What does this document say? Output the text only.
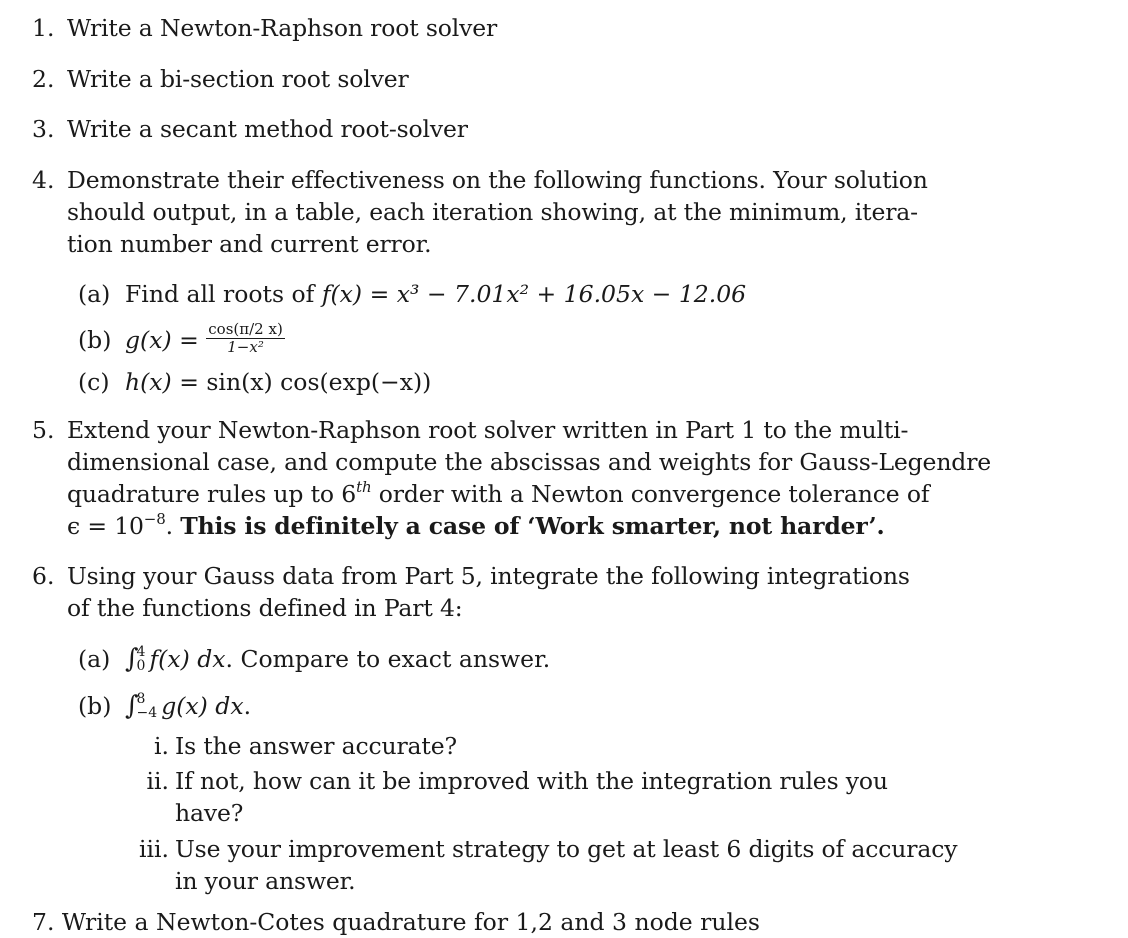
1. Write a Newton-Raphson root solver
2. Write a bi-section root solver
3. Write a secant method root-solver
4. Demonstrate their effectiveness on the following functions. Your solution
should output, in a table, each iteration showing, at the minimum, itera-
tion number and current error.
(a) Find all roots of f(x) = x³ − 7.01x² + 16.05x − 12.06
(b) $g(x) = \frac{\cos(\pi/2 x)}{\text{1−x²}}$
(c) h(x) = sin(x) cos(exp(−x))
5. Extend your Newton-Raphson root solver written in Part 1 to the multi-
dimensional case, and compute the abscissas and weights for Gauss-Legendre
quadrature rules up to 6th order with a Newton convergence tolerance of
$\epsilon = 10^{-8}$. This is definitely a case of ‘Work smarter, not harder’.
6. Using your Gauss data from Part 5, integrate the following integrations
of the functions defined in Part 4:
(a) ∫
4
0 f(x) dx. Compare to exact answer.
(b) ∫
8
−4 g(x) dx.
i. Is the answer accurate?
ii. If not, how can it be improved with the integration rules you
have?
iii. Use your improvement strategy to get at least 6 digits of accuracy
in your answer.
7. Write a Newton-Cotes quadrature for 1,2 and 3 node rules
